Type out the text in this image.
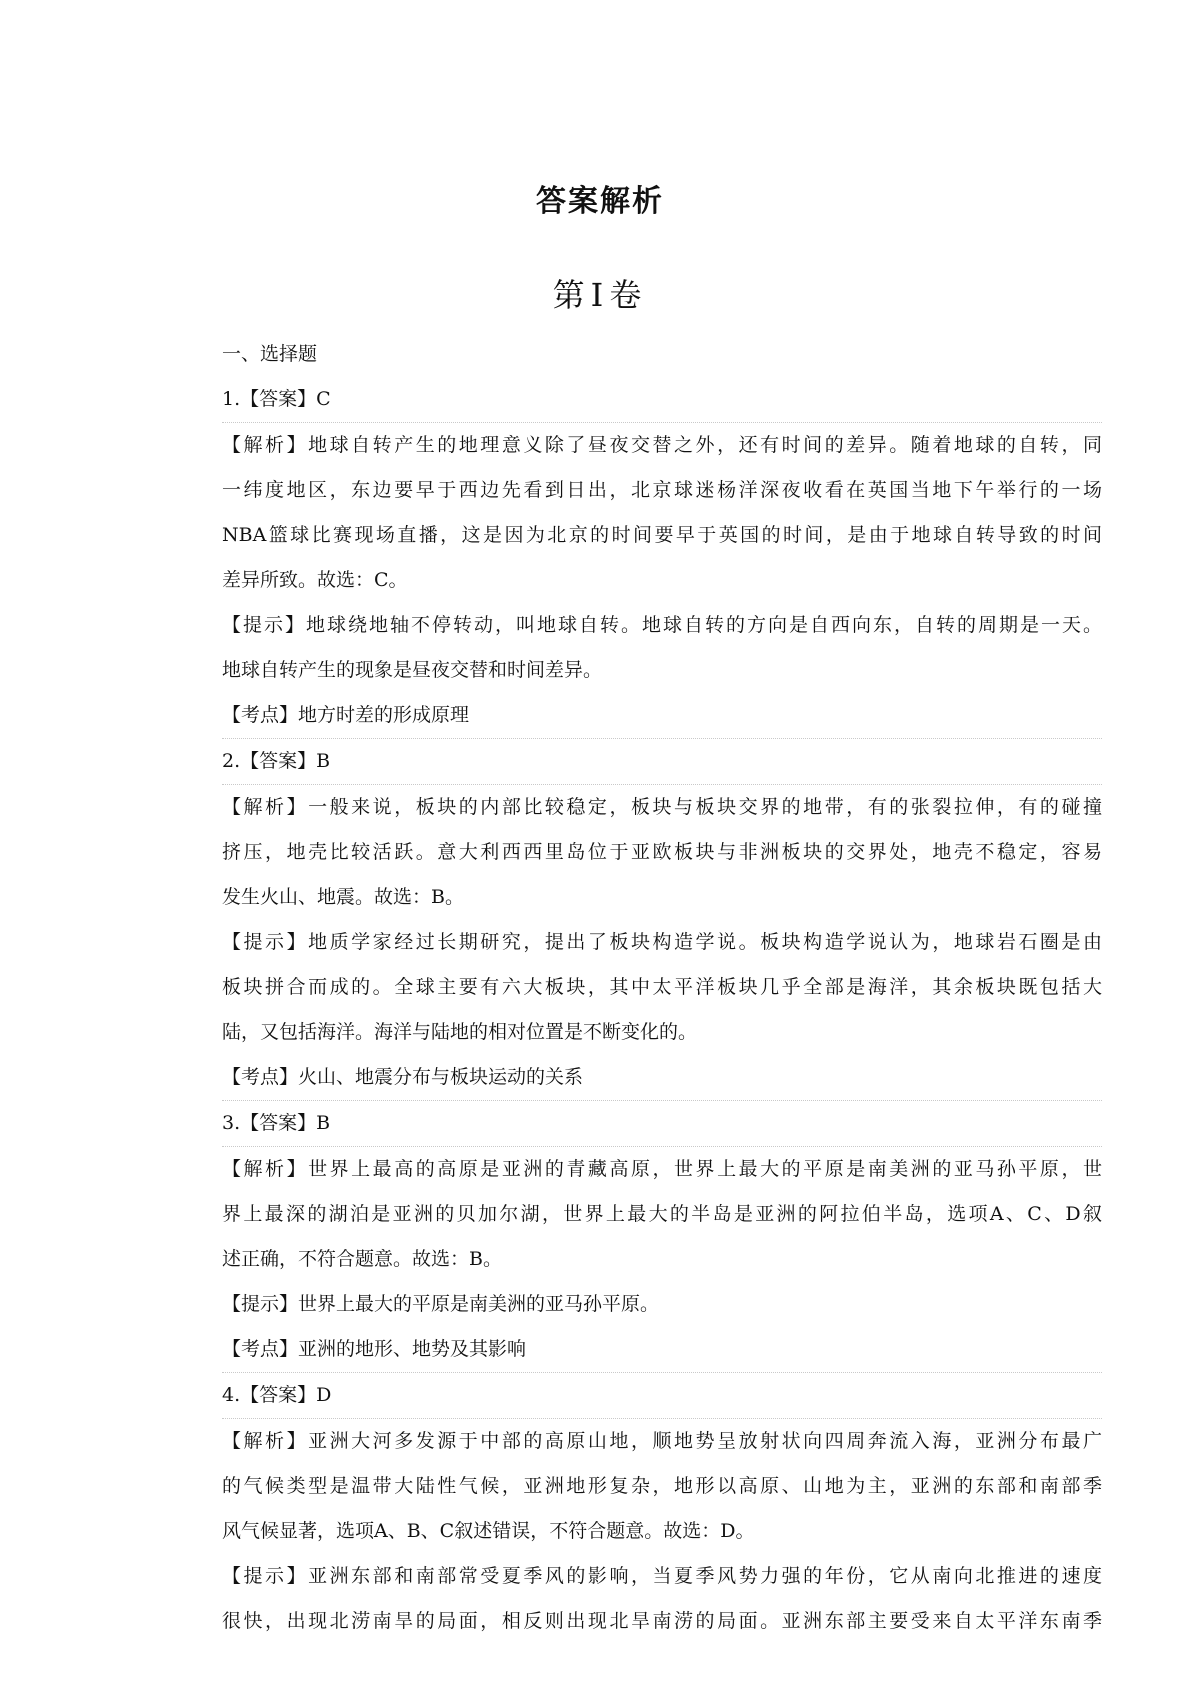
答案解析
第Ⅰ卷
一、选择题
1.【答案】C
【解析】地球自转产生的地理意义除了昼夜交替之外，还有时间的差异。随着地球的自转，同
一纬度地区，东边要早于西边先看到日出，北京球迷杨洋深夜收看在英国当地下午举行的一场
NBA篮球比赛现场直播，这是因为北京的时间要早于英国的时间，是由于地球自转导致的时间
差异所致。故选：C。
【提示】地球绕地轴不停转动，叫地球自转。地球自转的方向是自西向东，自转的周期是一天。
地球自转产生的现象是昼夜交替和时间差异。
【考点】地方时差的形成原理
2.【答案】B
【解析】一般来说，板块的内部比较稳定，板块与板块交界的地带，有的张裂拉伸，有的碰撞
挤压，地壳比较活跃。意大利西西里岛位于亚欧板块与非洲板块的交界处，地壳不稳定，容易
发生火山、地震。故选：B。
【提示】地质学家经过长期研究，提出了板块构造学说。板块构造学说认为，地球岩石圈是由
板块拼合而成的。全球主要有六大板块，其中太平洋板块几乎全部是海洋，其余板块既包括大
陆，又包括海洋。海洋与陆地的相对位置是不断变化的。
【考点】火山、地震分布与板块运动的关系
3.【答案】B
【解析】世界上最高的高原是亚洲的青藏高原，世界上最大的平原是南美洲的亚马孙平原，世
界上最深的湖泊是亚洲的贝加尔湖，世界上最大的半岛是亚洲的阿拉伯半岛，选项A、C、D叙
述正确，不符合题意。故选：B。
【提示】世界上最大的平原是南美洲的亚马孙平原。
【考点】亚洲的地形、地势及其影响
4.【答案】D
【解析】亚洲大河多发源于中部的高原山地，顺地势呈放射状向四周奔流入海，亚洲分布最广
的气候类型是温带大陆性气候，亚洲地形复杂，地形以高原、山地为主，亚洲的东部和南部季
风气候显著，选项A、B、C叙述错误，不符合题意。故选：D。
【提示】亚洲东部和南部常受夏季风的影响，当夏季风势力强的年份，它从南向北推进的速度
很快，出现北涝南旱的局面，相反则出现北旱南涝的局面。亚洲东部主要受来自太平洋东南季
